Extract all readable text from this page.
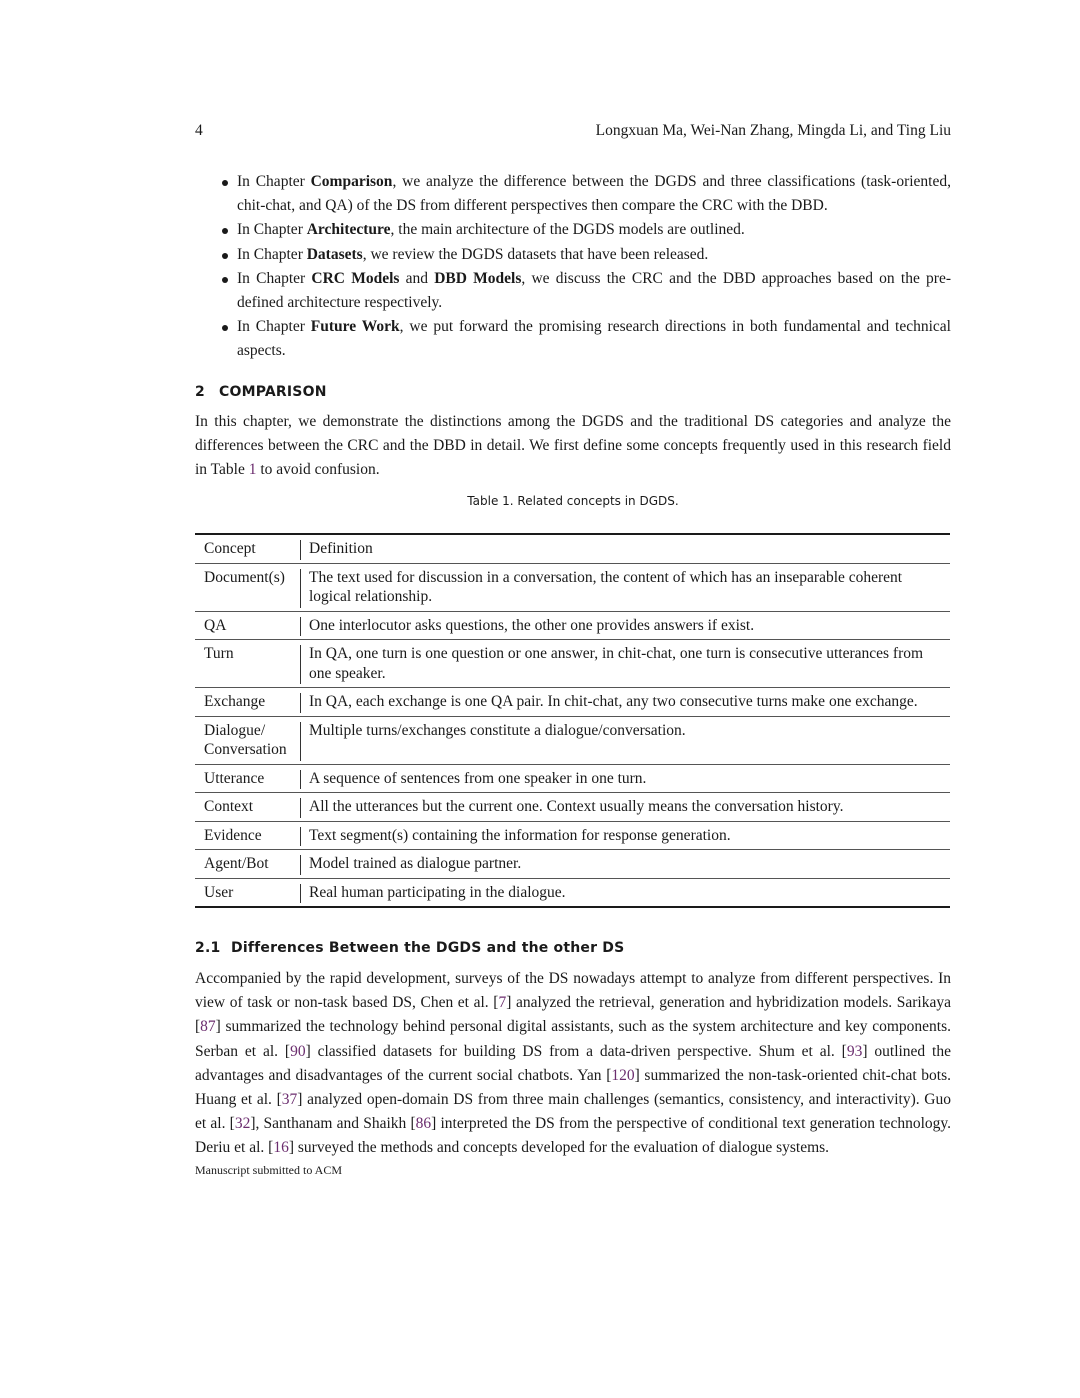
4	Longxuan Ma, Wei-Nan Zhang, Mingda Li, and Ting Liu
In Chapter Comparison, we analyze the difference between the DGDS and three classifications (task-oriented, chit-chat, and QA) of the DS from different perspectives then compare the CRC with the DBD.
In Chapter Architecture, the main architecture of the DGDS models are outlined.
In Chapter Datasets, we review the DGDS datasets that have been released.
In Chapter CRC Models and DBD Models, we discuss the CRC and the DBD approaches based on the pre-defined architecture respectively.
In Chapter Future Work, we put forward the promising research directions in both fundamental and technical aspects.
2 COMPARISON

In this chapter, we demonstrate the distinctions among the DGDS and the traditional DS categories and analyze the differences between the CRC and the DBD in detail. We first define some concepts frequently used in this research field in Table 1 to avoid confusion.

Table 1. Related concepts in DGDS.
Concept	Definition
Document(s)	The text used for discussion in a conversation, the content of which has an inseparable coherent logical relationship.
QA	One interlocutor asks questions, the other one provides answers if exist.
Turn	In QA, one turn is one question or one answer, in chit-chat, one turn is consecutive utterances from one speaker.
Exchange	In QA, each exchange is one QA pair. In chit-chat, any two consecutive turns make one exchange.
Dialogue/ Conversation	Multiple turns/exchanges constitute a dialogue/conversation.
Utterance	A sequence of sentences from one speaker in one turn.
Context	All the utterances but the current one. Context usually means the conversation history.
Evidence	Text segment(s) containing the information for response generation.
Agent/Bot	Model trained as dialogue partner.
User	Real human participating in the dialogue.
2.1 Differences Between the DGDS and the other DS

Accompanied by the rapid development, surveys of the DS nowadays attempt to analyze from different perspectives. In view of task or non-task based DS, Chen et al. [7] analyzed the retrieval, generation and hybridization models. Sarikaya [87] summarized the technology behind personal digital assistants, such as the system architecture and key components. Serban et al. [90] classified datasets for building DS from a data-driven perspective. Shum et al. [93] outlined the advantages and disadvantages of the current social chatbots. Yan [120] summarized the non-task-oriented chit-chat bots. Huang et al. [37] analyzed open-domain DS from three main challenges (semantics, consistency, and interactivity). Guo et al. [32], Santhanam and Shaikh [86] interpreted the DS from the perspective of conditional text generation technology. Deriu et al. [16] surveyed the methods and concepts developed for the evaluation of dialogue systems.

Manuscript submitted to ACM
